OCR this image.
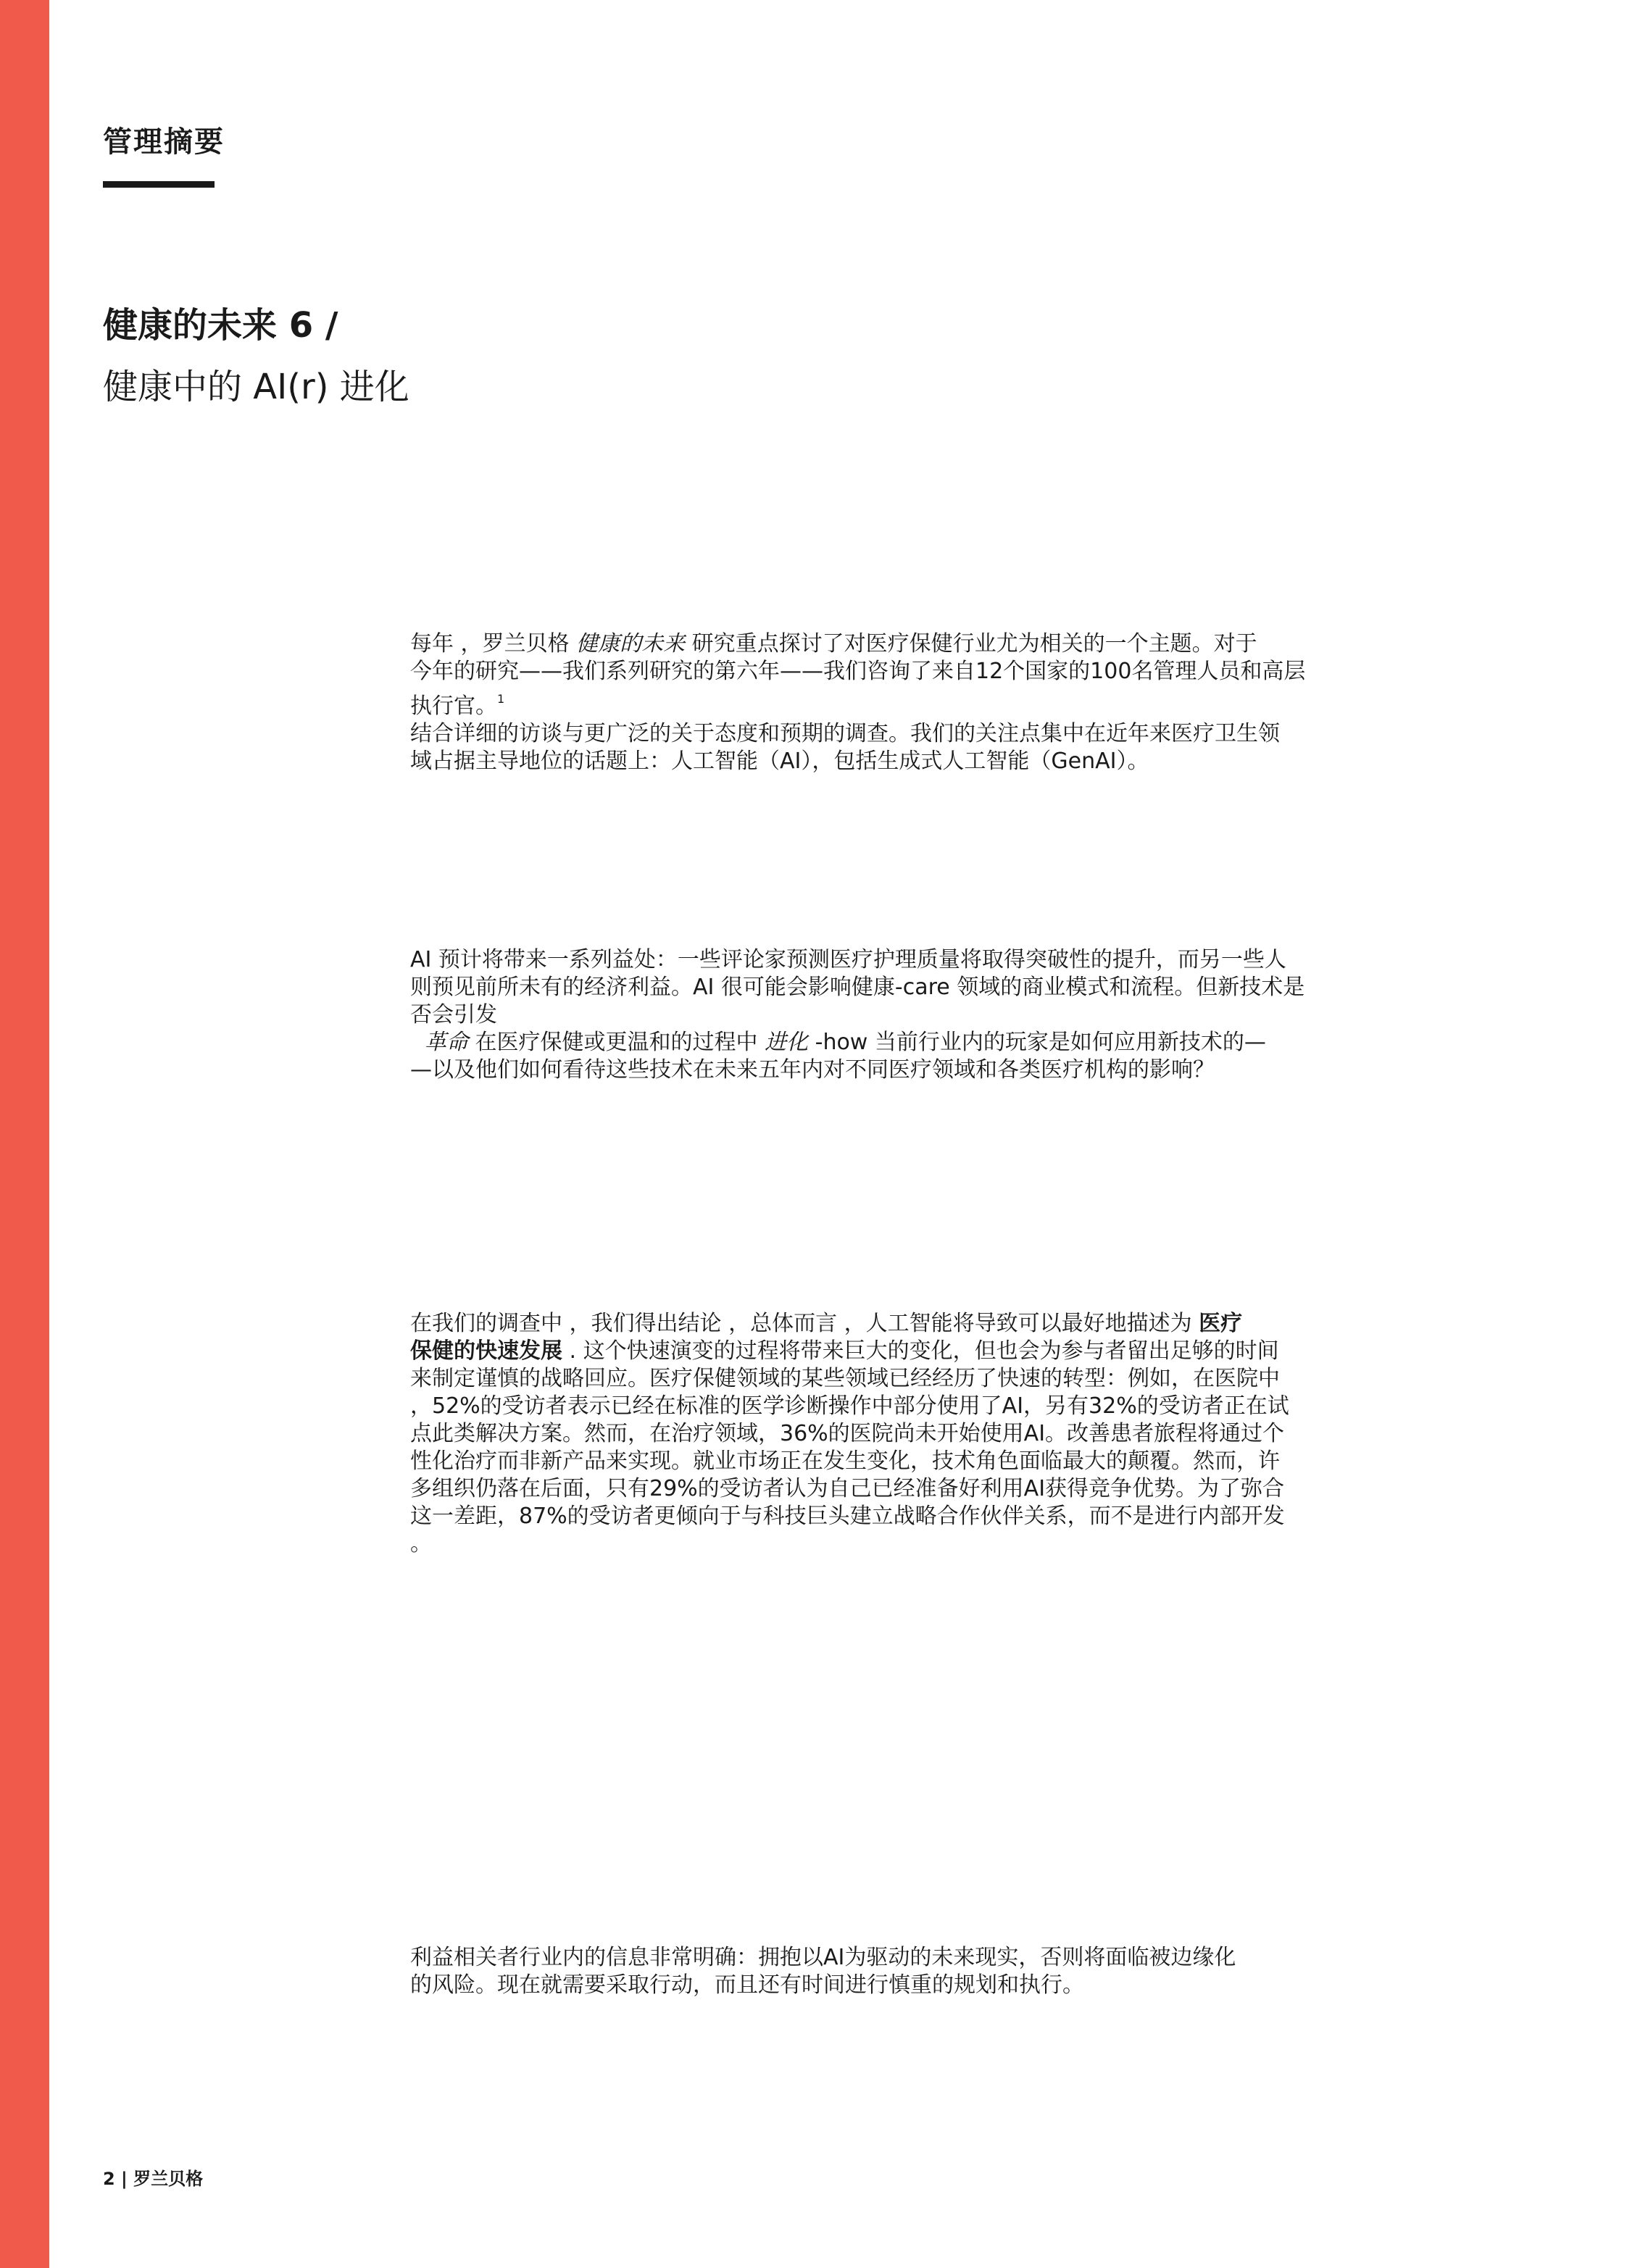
管理摘要
健康的未来 6 /
健康中的 AI(r) 进化
每年 ，罗兰贝格 健康的未来 研究重点探讨了对医疗保健行业尤为相关的一个主题。对于
今年的研究——我们系列研究的第六年——我们咨询了来自12个国家的100名管理人员和高层
执行官。$^1$
结合详细的访谈与更广泛的关于态度和预期的调查。我们的关注点集中在近年来医疗卫生领
域占据主导地位的话题上：人工智能（AI），包括生成式人工智能（GenAI）。
AI 预计将带来一系列益处：一些评论家预测医疗护理质量将取得突破性的提升，而另一些人
则预见前所未有的经济利益。AI 很可能会影响健康-care 领域的商业模式和流程。但新技术是
否会引发
革命 在医疗保健或更温和的过程中 进化 -how 当前行业内的玩家是如何应用新技术的—
—以及他们如何看待这些技术在未来五年内对不同医疗领域和各类医疗机构的影响？
在我们的调查中 ，我们得出结论 ，总体而言 ，人工智能将导致可以最好地描述为 医疗
保健的快速发展 . 这个快速演变的过程将带来巨大的变化，但也会为参与者留出足够的时间
来制定谨慎的战略回应。医疗保健领域的某些领域已经经历了快速的转型：例如，在医院中
，52%的受访者表示已经在标准的医学诊断操作中部分使用了AI，另有32%的受访者正在试
点此类解决方案。然而，在治疗领域，36%的医院尚未开始使用AI。改善患者旅程将通过个
性化治疗而非新产品来实现。就业市场正在发生变化，技术角色面临最大的颠覆。然而，许
多组织仍落在后面，只有29%的受访者认为自己已经准备好利用AI获得竞争优势。为了弥合
这一差距，87%的受访者更倾向于与科技巨头建立战略合作伙伴关系，而不是进行内部开发
。
利益相关者行业内的信息非常明确：拥抱以AI为驱动的未来现实，否则将面临被边缘化
的风险。现在就需要采取行动，而且还有时间进行慎重的规划和执行。
2 | 罗兰贝格
